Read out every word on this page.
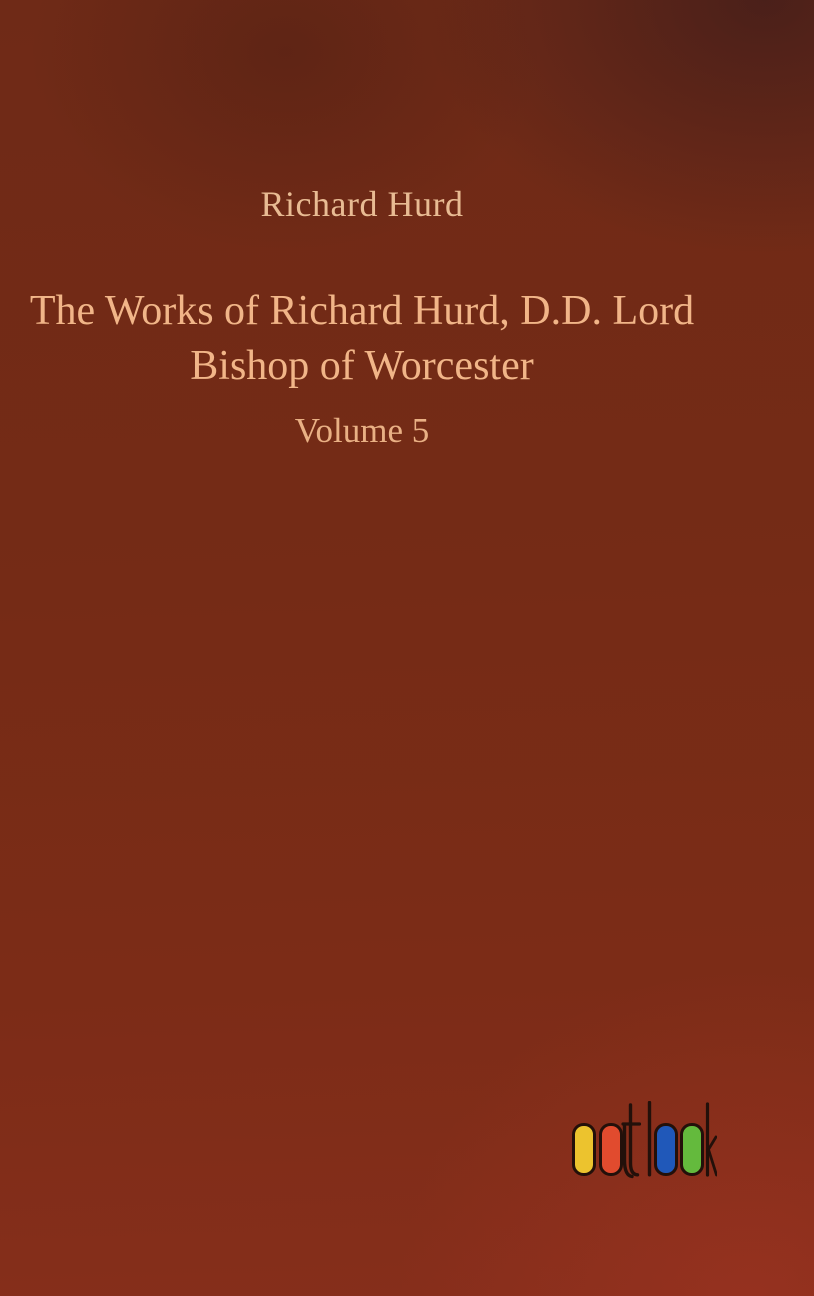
Richard Hurd
The Works of Richard Hurd, D.D. Lord
Bishop of Worcester
Volume 5
